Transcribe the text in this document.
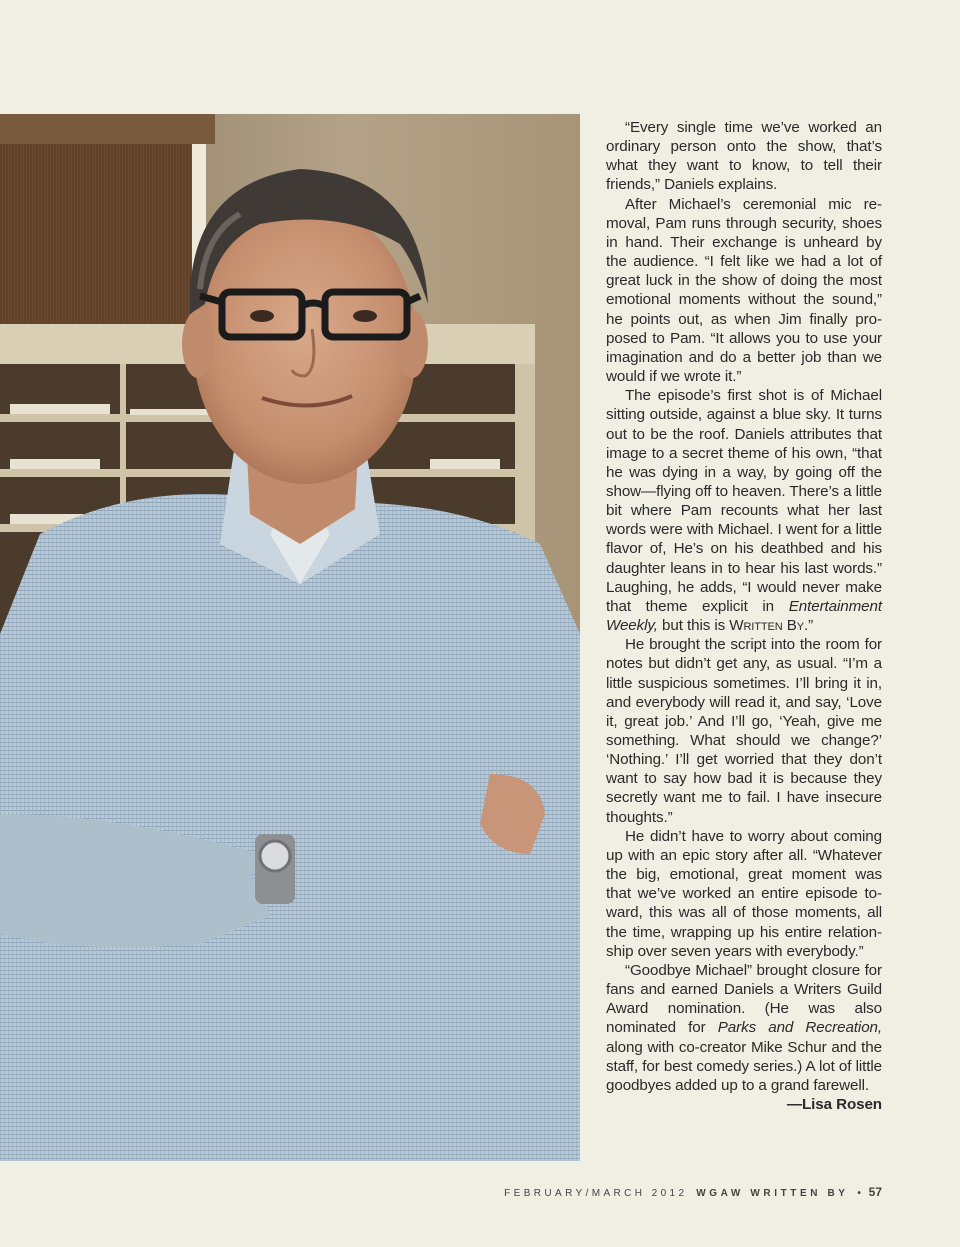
“Every single time we’ve worked an ordinary person onto the show, that’s what they want to know, to tell their friends,” Daniels explains.

After Michael’s ceremonial mic removal, Pam runs through security, shoes in hand. Their exchange is unheard by the audience. “I felt like we had a lot of great luck in the show of doing the most emotional moments without the sound,” he points out, as when Jim finally proposed to Pam. “It allows you to use your imagination and do a better job than we would if we wrote it.”

The episode’s first shot is of Michael sitting outside, against a blue sky. It turns out to be the roof. Daniels attributes that image to a secret theme of his own, “that he was dying in a way, by going off the show—flying off to heaven. There’s a little bit where Pam recounts what her last words were with Michael. I went for a little flavor of, He’s on his deathbed and his daughter leans in to hear his last words.” Laughing, he adds, “I would never make that theme explicit in Entertainment Weekly, but this is Written By.”

He brought the script into the room for notes but didn’t get any, as usual. “I’m a little suspicious sometimes. I’ll bring it in, and everybody will read it, and say, ‘Love it, great job.’ And I’ll go, ‘Yeah, give me something. What should we change?’ ‘Nothing.’ I’ll get worried that they don’t want to say how bad it is because they secretly want me to fail. I have insecure thoughts.”

He didn’t have to worry about coming up with an epic story after all. “Whatever the big, emotional, great moment was that we’ve worked an entire episode toward, this was all of those moments, all the time, wrapping up his entire relationship over seven years with everybody.”

“Goodbye Michael” brought closure for fans and earned Daniels a Writers Guild Award nomination. (He was also nominated for Parks and Recreation, along with co-creator Mike Schur and the staff, for best comedy series.) A lot of little goodbyes added up to a grand farewell.

—Lisa Rosen

FEBRUARY/MARCH 2012 WGAW WRITTEN BY • 57
